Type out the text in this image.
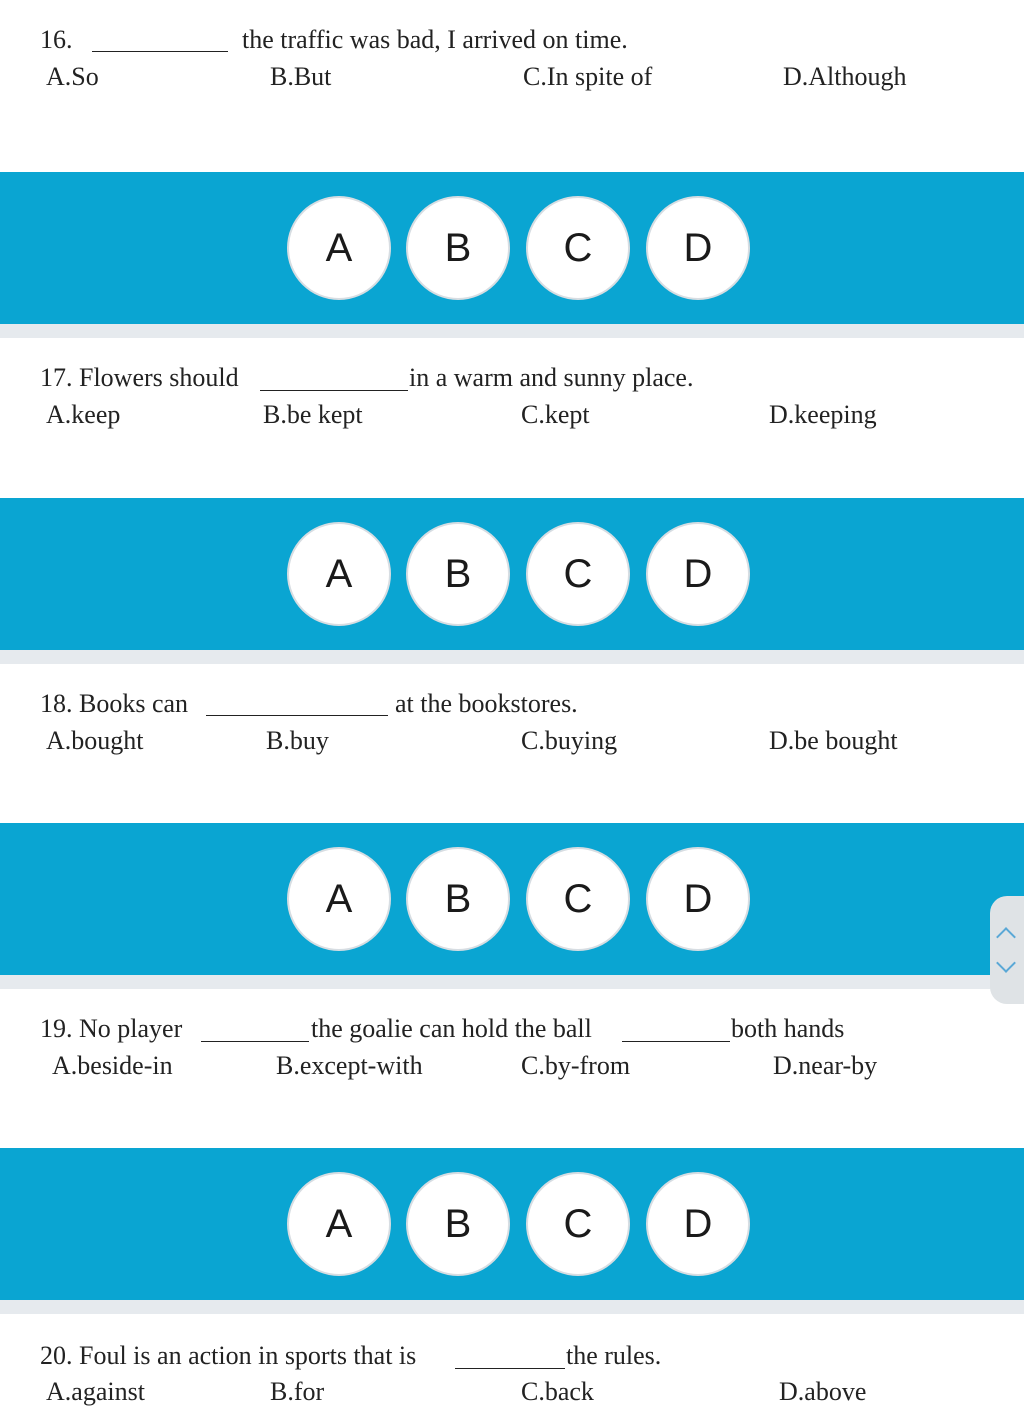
16.	the traffic was bad, I arrived on time.
A.So	B.But	C.In spite of	D.Although
A	B	C	D
17. Flowers should	in a warm and sunny place.
A.keep	B.be kept	C.kept	D.keeping
A	B	C	D
18. Books can	at the bookstores.
A.bought	B.buy	C.buying	D.be bought
A	B	C	D
19. No player	the goalie can hold the ball	both hands
A.beside-in	B.except-with	C.by-from	D.near-by
A	B	C	D
20. Foul is an action in sports that is	the rules.
A.against	B.for	C.back	D.above
